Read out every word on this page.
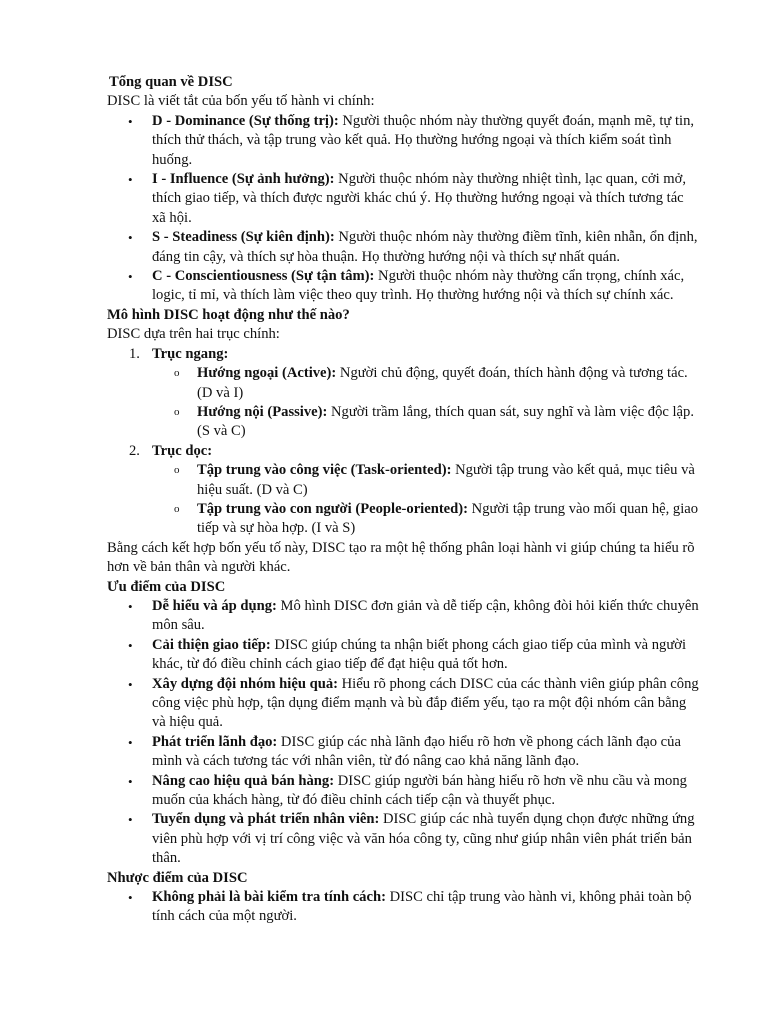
Tổng quan về DISC

DISC là viết tắt của bốn yếu tố hành vi chính:

• D - Dominance (Sự thống trị): Người thuộc nhóm này thường quyết đoán, mạnh mẽ, tự tin, thích thử thách, và tập trung vào kết quả. Họ thường hướng ngoại và thích kiểm soát tình huống.
• I - Influence (Sự ảnh hưởng): Người thuộc nhóm này thường nhiệt tình, lạc quan, cởi mở, thích giao tiếp, và thích được người khác chú ý. Họ thường hướng ngoại và thích tương tác xã hội.
• S - Steadiness (Sự kiên định): Người thuộc nhóm này thường điềm tĩnh, kiên nhẫn, ổn định, đáng tin cậy, và thích sự hòa thuận. Họ thường hướng nội và thích sự nhất quán.
• C - Conscientiousness (Sự tận tâm): Người thuộc nhóm này thường cẩn trọng, chính xác, logic, tỉ mỉ, và thích làm việc theo quy trình. Họ thường hướng nội và thích sự chính xác.

Mô hình DISC hoạt động như thế nào?

DISC dựa trên hai trục chính:

1. Trục ngang:
o Hướng ngoại (Active): Người chủ động, quyết đoán, thích hành động và tương tác. (D và I)
o Hướng nội (Passive): Người trầm lắng, thích quan sát, suy nghĩ và làm việc độc lập. (S và C)
2. Trục dọc:
o Tập trung vào công việc (Task-oriented): Người tập trung vào kết quả, mục tiêu và hiệu suất. (D và C)
o Tập trung vào con người (People-oriented): Người tập trung vào mối quan hệ, giao tiếp và sự hòa hợp. (I và S)

Bằng cách kết hợp bốn yếu tố này, DISC tạo ra một hệ thống phân loại hành vi giúp chúng ta hiểu rõ hơn về bản thân và người khác.

Ưu điểm của DISC

• Dễ hiểu và áp dụng: Mô hình DISC đơn giản và dễ tiếp cận, không đòi hỏi kiến thức chuyên môn sâu.
• Cải thiện giao tiếp: DISC giúp chúng ta nhận biết phong cách giao tiếp của mình và người khác, từ đó điều chỉnh cách giao tiếp để đạt hiệu quả tốt hơn.
• Xây dựng đội nhóm hiệu quả: Hiểu rõ phong cách DISC của các thành viên giúp phân công công việc phù hợp, tận dụng điểm mạnh và bù đắp điểm yếu, tạo ra một đội nhóm cân bằng và hiệu quả.
• Phát triển lãnh đạo: DISC giúp các nhà lãnh đạo hiểu rõ hơn về phong cách lãnh đạo của mình và cách tương tác với nhân viên, từ đó nâng cao khả năng lãnh đạo.
• Nâng cao hiệu quả bán hàng: DISC giúp người bán hàng hiểu rõ hơn về nhu cầu và mong muốn của khách hàng, từ đó điều chỉnh cách tiếp cận và thuyết phục.
• Tuyển dụng và phát triển nhân viên: DISC giúp các nhà tuyển dụng chọn được những ứng viên phù hợp với vị trí công việc và văn hóa công ty, cũng như giúp nhân viên phát triển bản thân.

Nhược điểm của DISC

• Không phải là bài kiểm tra tính cách: DISC chỉ tập trung vào hành vi, không phải toàn bộ tính cách của một người.
